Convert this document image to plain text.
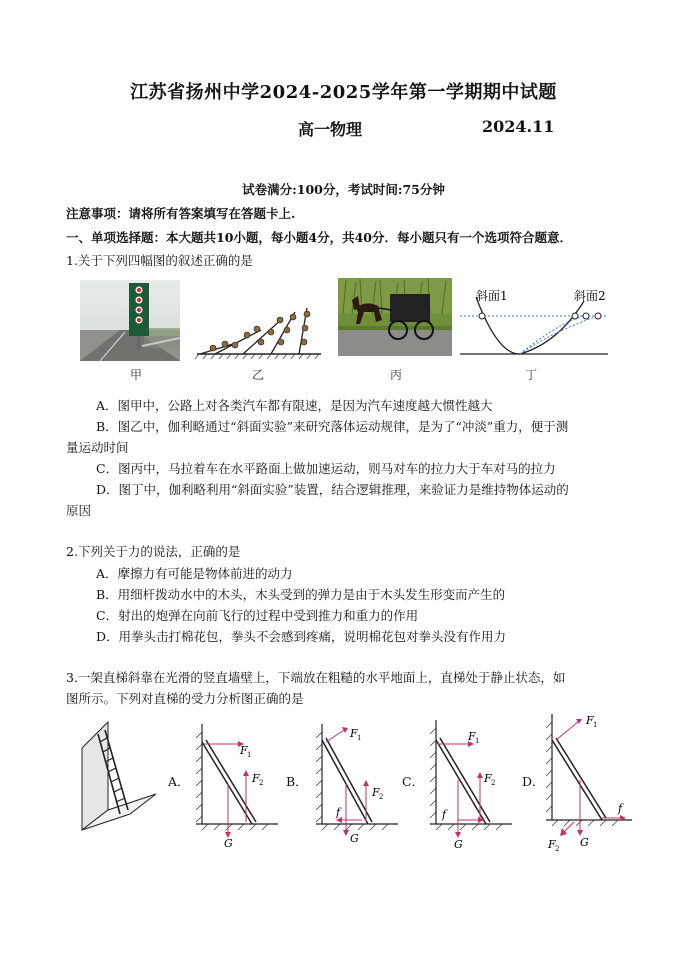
江苏省扬州中学2024-2025学年第一学期期中试题
高一物理	2024.11
试卷满分:100分，考试时间:75分钟
注意事项：请将所有答案填写在答题卡上.
一、单项选择题：本大题共10小题，每小题4分，共40分．每小题只有一个选项符合题意．
1.关于下列四幅图的叙述正确的是
斜面1	斜面2
甲	乙	丙	丁
A．图甲中，公路上对各类汽车都有限速，是因为汽车速度越大惯性越大
B．图乙中，伽利略通过“斜面实验”来研究落体运动规律，是为了“冲淡”重力，便于测
量运动时间
C．图丙中，马拉着车在水平路面上做加速运动，则马对车的拉力大于车对马的拉力
D．图丁中，伽利略利用“斜面实验”装置，结合逻辑推理，来验证力是维持物体运动的
原因
2.下列关于力的说法，正确的是
A．摩擦力有可能是物体前进的动力
B．用细杆拨动水中的木头，木头受到的弹力是由于木头发生形变而产生的
C．射出的炮弹在向前飞行的过程中受到推力和重力的作用
D．用拳头击打棉花包，拳头不会感到疼痛，说明棉花包对拳头没有作用力
3.一架直梯斜靠在光滑的竖直墙壁上，下端放在粗糙的水平地面上，直梯处于静止状态，如
图所示。下列对直梯的受力分析图正确的是
A．
F 1
F 2
G
B．
F 1
F 2
f
G
C．
F 1
F 2
f
G
D．
F 1
f
G
F 2
